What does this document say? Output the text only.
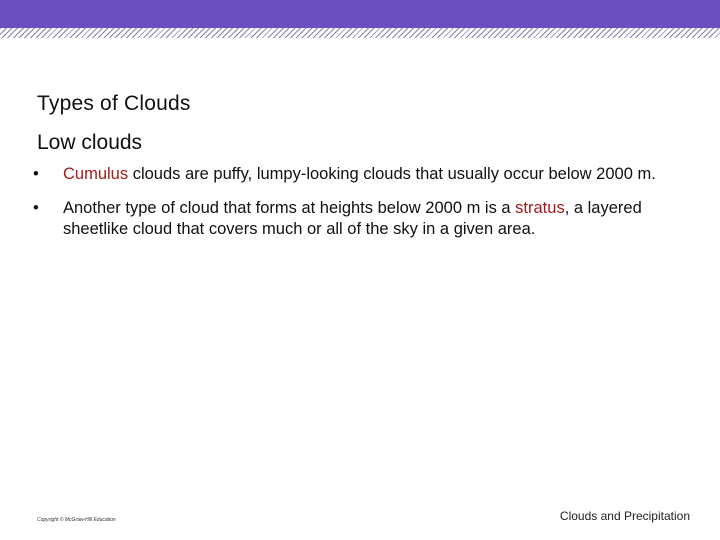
Types of Clouds
Low clouds
• Cumulus clouds are puffy, lumpy-looking clouds that usually occur below 2000 m.
• Another type of cloud that forms at heights below 2000 m is a stratus, a layered sheetlike cloud that covers much or all of the sky in a given area.
Copyright © McGraw-Hill Education	Clouds and Precipitation
